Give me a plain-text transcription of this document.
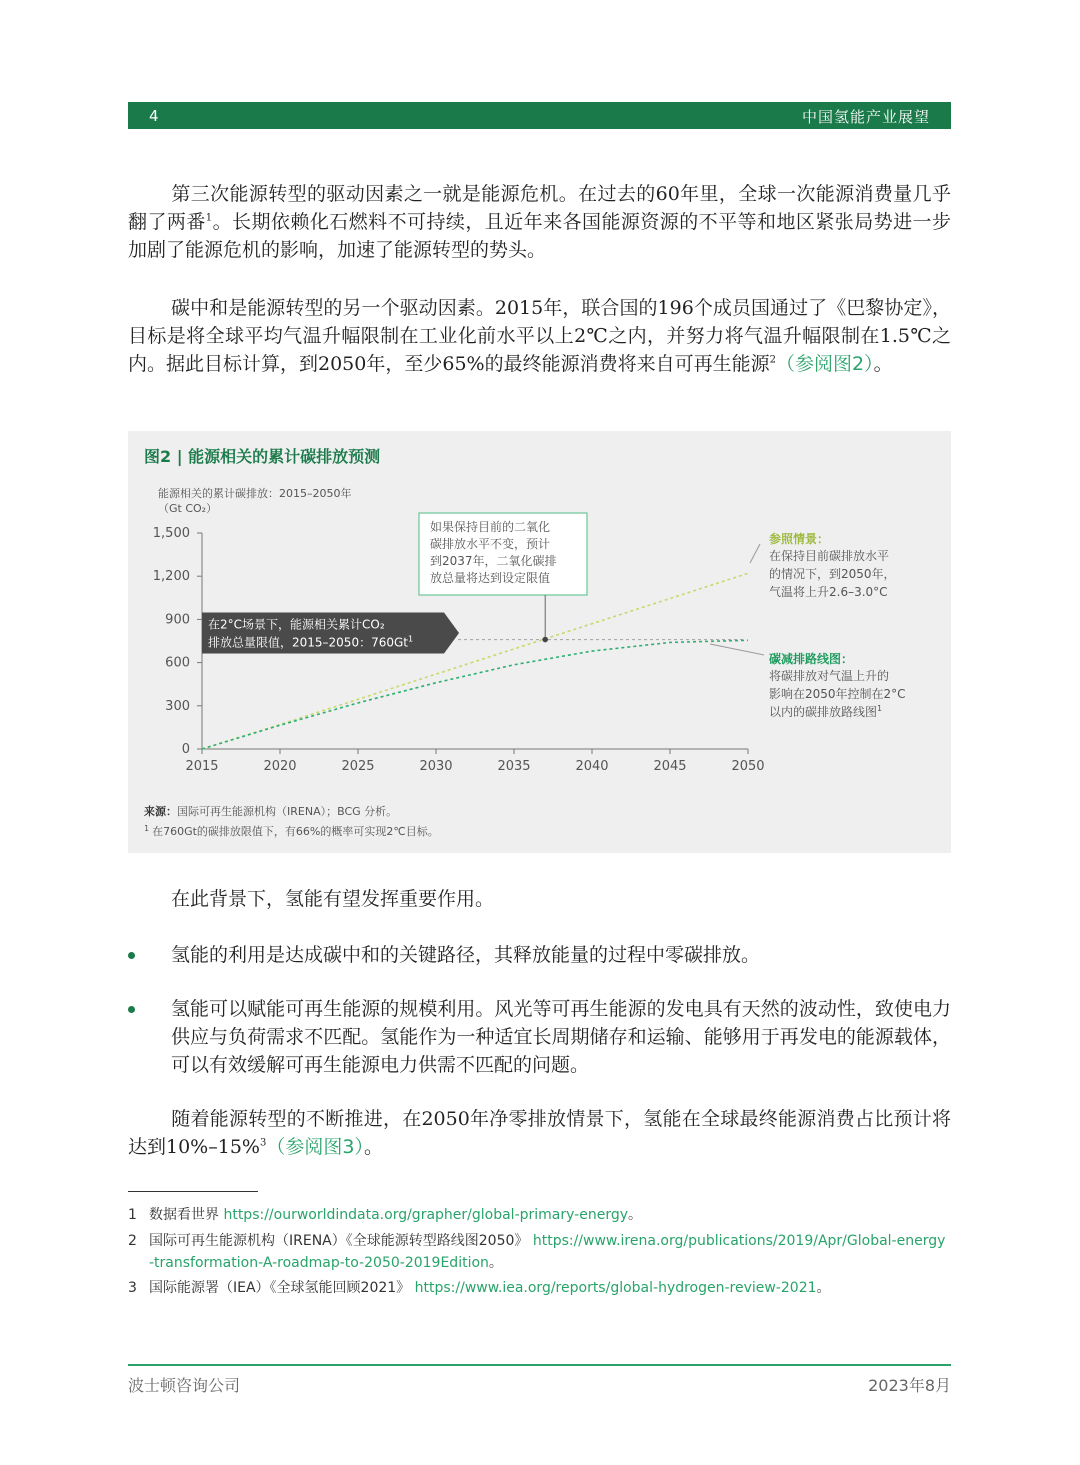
4	中国氢能产业展望

第三次能源转型的驱动因素之一就是能源危机。在过去的60年里，全球一次能源消费量几乎翻了两番$^1$。长期依赖化石燃料不可持续，且近年来各国能源资源的不平等和地区紧张局势进一步加剧了能源危机的影响，加速了能源转型的势头。

碳中和是能源转型的另一个驱动因素。2015年，联合国的196个成员国通过了《巴黎协定》，目标是将全球平均气温升幅限制在工业化前水平以上2℃之内，并努力将气温升幅限制在1.5℃之内。据此目标计算，到2050年，至少65%的最终能源消费将来自可再生能源$^2$（参阅图2）。

图2 | 能源相关的累计碳排放预测
能源相关的累计碳排放：2015–2050年
（Gt CO₂）
0
300
600
900
1,200
1,500
2015	2020	2025	2030	2035	2040	2045	2050
在2°C场景下，能源相关累计CO₂
排放总量限值，2015–2050：760Gt$^1$
如果保持目前的二氧化
碳排放水平不变，预计
到2037年，二氧化碳排
放总量将达到设定限值
参照情景：
在保持目前碳排放水平
的情况下，到2050年，
气温将上升2.6–3.0°C
碳减排路线图：
将碳排放对气温上升的
影响在2050年控制在2°C
以内的碳排放路线图$^1$
来源：国际可再生能源机构（IRENA）；BCG 分析。
$^1$ 在760Gt的碳排放限值下，有66%的概率可实现2℃目标。

在此背景下，氢能有望发挥重要作用。

氢能的利用是达成碳中和的关键路径，其释放能量的过程中零碳排放。
氢能可以赋能可再生能源的规模利用。风光等可再生能源的发电具有天然的波动性，致使电力供应与负荷需求不匹配。氢能作为一种适宜长周期储存和运输、能够用于再发电的能源载体，可以有效缓解可再生能源电力供需不匹配的问题。

随着能源转型的不断推进，在2050年净零排放情景下，氢能在全球最终能源消费占比预计将达到10%–15%$^3$（参阅图3）。

1 数据看世界 https://ourworldindata.org/grapher/global-primary-energy。
2 国际可再生能源机构（IRENA）《全球能源转型路线图2050》 https://www.irena.org/publications/2019/Apr/Global-energy-transformation-A-roadmap-to-2050-2019Edition。
3 国际能源署（IEA）《全球氢能回顾2021》 https://www.iea.org/reports/global-hydrogen-review-2021。
波士顿咨询公司	2023年8月
